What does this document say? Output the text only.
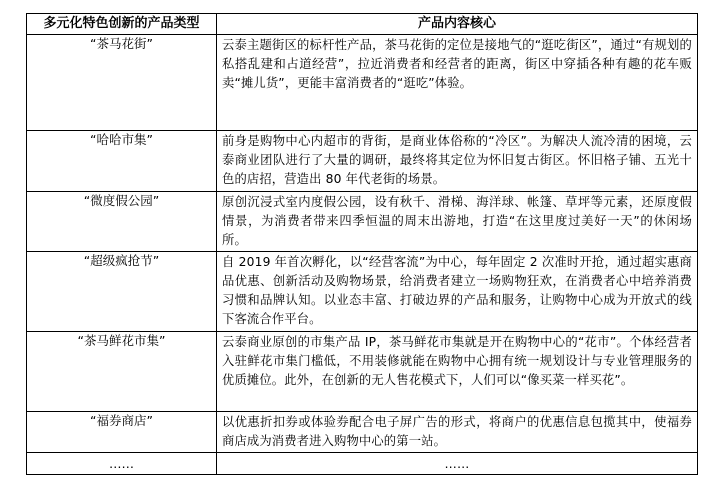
多元化特色创新的产品类型	产品内容核心
“茶马花街”	云泰主题街区的标杆性产品，茶马花街的定位是接地气的“逛吃街区”，通过“有规划的私搭乱建和占道经营”，拉近消费者和经营者的距离，街区中穿插各种有趣的花车贩卖“摊儿货”，更能丰富消费者的“逛吃”体验。
“哈哈市集”	前身是购物中心内超市的背街，是商业体俗称的“冷区”。为解决人流冷清的困境，云泰商业团队进行了大量的调研，最终将其定位为怀旧复古街区。怀旧格子铺、五光十色的店招，营造出 80 年代老街的场景。
“微度假公园”	原创沉浸式室内度假公园，设有秋千、滑梯、海洋球、帐篷、草坪等元素，还原度假情景，为消费者带来四季恒温的周末出游地，打造“在这里度过美好一天”的休闲场所。
“超级疯抢节”	自 2019 年首次孵化，以“经营客流”为中心，每年固定 2 次准时开抢，通过超实惠商品优惠、创新活动及购物场景，给消费者建立一场购物狂欢，在消费者心中培养消费习惯和品牌认知。以业态丰富、打破边界的产品和服务，让购物中心成为开放式的线下客流合作平台。
“茶马鲜花市集”	云泰商业原创的市集产品 IP，茶马鲜花市集就是开在购物中心的“花市”。个体经营者入驻鲜花市集门槛低，不用装修就能在购物中心拥有统一规划设计与专业管理服务的优质摊位。此外，在创新的无人售花模式下，人们可以“像买菜一样买花”。
“福券商店”	以优惠折扣券或体验券配合电子屏广告的形式，将商户的优惠信息包揽其中，使福券商店成为消费者进入购物中心的第一站。
……	……
